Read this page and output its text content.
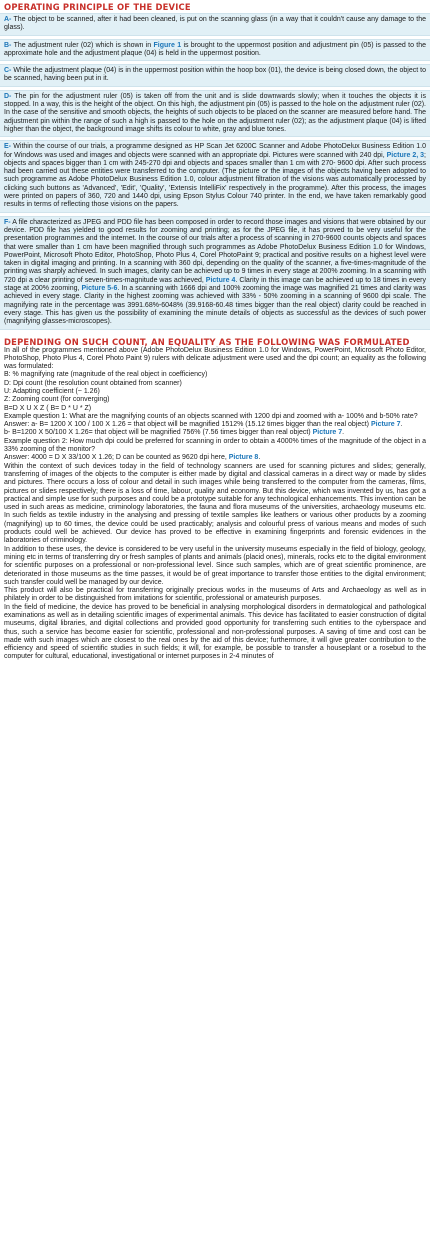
OPERATING PRINCIPLE OF THE DEVICE

A- The object to be scanned, after it had been cleaned, is put on the scanning glass (in a way that it couldn't cause any damage to the glass).

B- The adjustment ruler (02) which is shown in Figure 1 is brought to the uppermost position and adjustment pin (05) is passed to the approximate hole and the adjustment plaque (04) is held in the uppermost position.

C- While the adjustment plaque (04) is in the uppermost position within the hoop box (01), the device is being closed down, the object to be scanned, having been put in it.

D- The pin for the adjustment ruler (05) is taken off from the unit and is slide downwards slowly; when it touches the objects it is stopped. In a way, this is the height of the object. On this high, the adjustment pin (05) is passed to the hole on the adjustment ruler (02). In the case of the sensitive and smooth objects, the heights of such objects to be placed on the scanner are measured before hand. The adjustment pin within the range of such a high is passed to the hole on the adjustment ruler (02); as the adjustment plaque (04) is lifted higher than the object, the background image shifts its colour to white, gray and blue tones.

E- Within the course of our trials, a programme designed as HP Scan Jet 6200C Scanner and Adobe PhotoDelux Business Edition 1.0 for Windows was used and images and objects were scanned with an appropriate dpi. Pictures were scanned with 240 dpi, Picture 2, 3; objects and spaces bigger than 1 cm with 245-270 dpi and objects and spaces smaller than 1 cm with 270- 9600 dpi. After such process had been carried out these entities were transferred to the computer. (The picture or the images of the objects having been adopted to such programme as Adobe PhotoDelux Business Edition 1.0, colour adjustment filtration of the visions was automatically processed by clicking such buttons as 'Advanced', 'Edit', 'Quality', 'Extensis IntelliFix' respectively in the programme). After this process, the images were printed on papers of 360, 720 and 1440 dpi, using Epson Stylus Colour 740 printer. In the end, we have taken remarkably good results in terms of reflecting those visions on the papers.

F- A file characterized as JPEG and PDD file has been composed in order to record those images and visions that were obtained by our device. PDD file has yielded to good results for zooming and printing; as for the JPEG file, it has proved to be very useful for the presentation programmes and the internet. In the course of our trials after a process of scanning in 270-9600 counts objects and spaces that were smaller than 1 cm have been magnified through such programmes as Adobe PhotoDelux Business Edition 1.0 for Windows, PowerPoint, Microsoft Photo Editor, PhotoShop, Photo Plus 4, Corel PhotoPaint 9; practical and positive results on a highest level were taken in digital imaging and printing. In a scanning with 360 dpi, depending on the quality of the scanner, a five-times-magnitude of the printing was sharply achieved. In such images, clarity can be achieved up to 9 times in every stage at 200% zooming. In a scanning with 720 dpi a clear printing of seven-times-magnitude was achieved, Picture 4. Clarity in this image can be achieved up to 18 times in every stage at 200% zooming, Picture 5-6. In a scanning with 1666 dpi and 100% zooming the image was magnified 21 times and clarity was achieved in every stage. Clarity in the highest zooming was achieved with 33% - 50% zooming in a scanning of 9600 dpi scale. The magnifying rate in the percentage was 3991.68%-6048% (39.9168-60.48 times bigger than the real object) clarity could be reached in every stage. This has given us the possibility of examining the minute details of objects as successful as the devices of such power (magnifying glasses-microscopes).

DEPENDING ON SUCH COUNT, AN EQUALITY AS THE FOLLOWING WAS FORMULATED

In all of the programmes mentioned above (Adobe PhotoDelux Business Edition 1.0 for Windows, PowerPoint, Microsoft Photo Editor, PhotoShop, Photo Plus 4, Corel Photo Paint 9) rulers with delicate adjustment were used and the dpi count; an equality as the following was formulated:

B: % magnifying rate (magnitude of the real object in coefficiency)
D: Dpi count (the resolution count obtained from scanner)
U: Adapting coefficient (~ 1.26)
Z: Zooming count (for converging)
B=D X U X Z ( B= D * U * Z)

Example question 1: What are the magnifying counts of an objects scanned with 1200 dpi and zoomed with a- 100% and b-50% rate?

Answer: a- B= 1200 X 100 / 100 X 1.26 = that object will be magnified 1512% (15.12 times bigger than the real object) Picture 7.

b- B=1200 X 50/100 X 1.26= that object will be magnified 756% (7.56 times bigger than real object) Picture 7.

Example question 2: How much dpi could be preferred for scanning in order to obtain a 4000% times of the magnitude of the object in a 33% zooming of the monitor?

Answer: 4000 = D X 33/100 X 1.26; D can be counted as 9620 dpi here, Picture 8.

Within the context of such devices today in the field of technology scanners are used for scanning pictures and slides; generally, transferring of images of the objects to the computer is either made by digital and classical cameras in a direct way or made by slides and pictures. There occurs a loss of colour and detail in such images while being transferred to the computer from the cameras, films, pictures or slides respectively; there is a loss of time, labour, quality and economy. But this device, which was invented by us, has got a practical and simple use for such purposes and could be a prototype suitable for any technological enhancements. This invention can be used in such areas as medicine, criminology laboratories, the fauna and flora museums of the universities, archaeology museums etc. In such fields as textile industry in the analysing and pressing of textile samples like leathers or various other products by a zooming (magnifying) up to 60 times, the device could be used practicably; analysis and colourful press of various means and modes of such products could well be achieved. Our device has proved to be effective in examining fingerprints and forensic evidences in the laboratories of criminology.

In addition to these uses, the device is considered to be very useful in the university museums especially in the field of biology, geology, mining etc in terms of transferring dry or fresh samples of plants and animals (placid ones), minerals, rocks etc to the digital environment for scientific purposes on a professional or non-professional level. Since such samples, which are of great scientific prominence, are deteriorated in those museums as the time passes, it would be of great importance to transfer those entities to the digital environment; such transfer could well be managed by our device.

This product will also be practical for transferring originally precious works in the museums of Arts and Archaeology as well as in philately in order to be distinguished from imitations for scientific, professional or amateurish purposes.

In the field of medicine, the device has proved to be beneficial in analysing morphological disorders in dermatological and pathological examinations as well as in detailing scientific images of experimental animals. This device has facilitated to easier construction of digital museums, digital libraries, and digital collections and provided good opportunity for transferring such entities to the cyberspace and thus, such a service has become easier for scientific, professional and non-professional purposes. A saving of time and cost can be made with such images which are closest to the real ones by the aid of this device; furthermore, it will give greater contribution to the efficiency and speed of scientific studies in such fields; it will, for example, be possible to transfer a houseplant or a rosebud to the computer for cultural, educational, investigational or internet purposes in 2-4 minutes of
